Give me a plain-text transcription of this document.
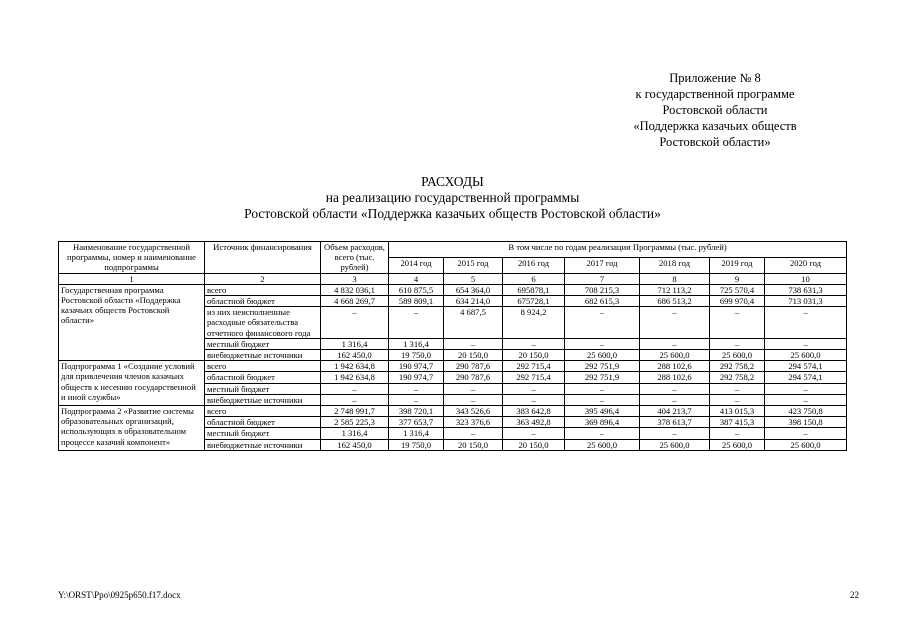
Приложение № 8
к государственной программе
Ростовской области
«Поддержка казачьих обществ
Ростовской области»
РАСХОДЫ
на реализацию государственной программы
Ростовской области «Поддержка казачьих обществ Ростовской области»
Наименование государственной программы, номер и наименование подпрограммы	Источник финансирования	Объем расходов, всего (тыс. рублей)	В том числе по годам реализации Программы (тыс. рублей)						
			2014 год	2015 год	2016 год	2017 год	2018 год	2019 год	2020 год
1	2	3	4	5	6	7	8	9	10
Государственная программа Ростовской области «Поддержка казачьих обществ Ростовской области»	всего	4 832 036,1	610 875,5	654 364,0	695878,1	708 215,3	712 113,2	725 570,4	738 631,3
	областной бюджет	4 668 269,7	589 809,1	634 214,0	675728,1	682 615,3	686 513,2	699 970,4	713 031,3
	из них неисполненные расходные обязательства отчетного финансового года	–	–	4 687,5	8 924,2	–	–	–	–
	местный бюджет	1 316,4	1 316,4	–	–	–	–	–	–
	внебюджетные источники	162 450,0	19 750,0	20 150,0	20 150,0	25 600,0	25 600,0	25 600,0	25 600,0
Подпрограмма 1 «Создание условий для привлечения членов казачьих обществ к несению государственной и иной службы»	всего	1 942 634,8	190 974,7	290 787,6	292 715,4	292 751,9	288 102,6	292 758,2	294 574,1
	областной бюджет	1 942 634,8	190 974,7	290 787,6	292 715,4	292 751,9	288 102,6	292 758,2	294 574,1
	местный бюджет	–	–	–	–	–	–	–	–
	внебюджетные источники	–	–	–	–	–	–	–	–
Подпрограмма 2 «Развитие системы образовательных организаций, использующих в образовательном процессе казачий компонент»	всего	2 748 991,7	398 720,1	343 526,6	383 642,8	395 496,4	404 213,7	413 015,3	423 750,8
	областной бюджет	2 585 225,3	377 653,7	323 376,6	363 492,8	369 896,4	378 613,7	387 415,3	398 150,8
	местный бюджет	1 316,4	1 316,4	–	–	–	–	–	–
	внебюджетные источники	162 450,0	19 750,0	20 150,0	20 150,0	25 600,0	25 600,0	25 600,0	25 600,0
Y:\ORST\Ppo\0925p650.f17.docx	22
